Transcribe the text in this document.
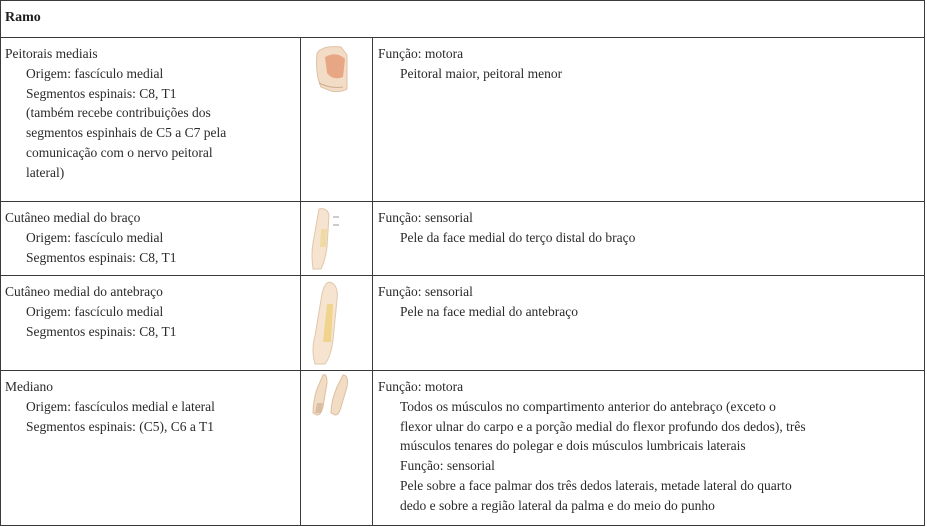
Ramo
Peitorais mediais
Origem: fascículo medial
Segmentos espinais: C8, T1
(também recebe contribuições dos
segmentos espinhais de C5 a C7 pela
comunicação com o nervo peitoral
lateral)
Função: motora
Peitoral maior, peitoral menor
Cutâneo medial do braço
Origem: fascículo medial
Segmentos espinais: C8, T1
Função: sensorial
Pele da face medial do terço distal do braço
Cutâneo medial do antebraço
Origem: fascículo medial
Segmentos espinais: C8, T1
Função: sensorial
Pele na face medial do antebraço
Mediano
Origem: fascículos medial e lateral
Segmentos espinais: (C5), C6 a T1
Função: motora
Todos os músculos no compartimento anterior do antebraço (exceto o
flexor ulnar do carpo e a porção medial do flexor profundo dos dedos), três
músculos tenares do polegar e dois músculos lumbricais laterais
Função: sensorial
Pele sobre a face palmar dos três dedos laterais, metade lateral do quarto
dedo e sobre a região lateral da palma e do meio do punho
